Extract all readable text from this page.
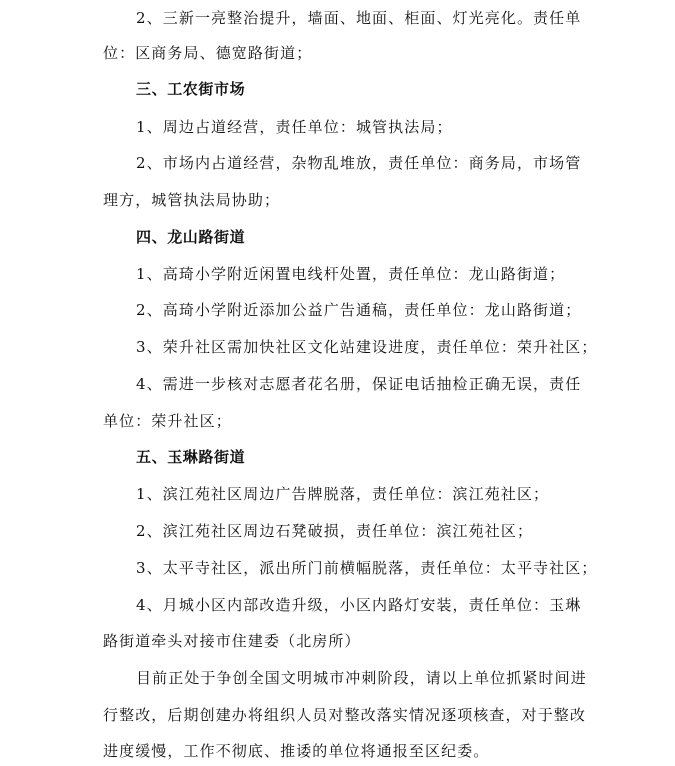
2、三新一亮整治提升，墙面、地面、柜面、灯光亮化。责任单
位：区商务局、德宽路街道；
三、工农街市场
1、周边占道经营，责任单位：城管执法局；
2、市场内占道经营，杂物乱堆放，责任单位：商务局，市场管
理方，城管执法局协助；
四、龙山路街道
1、高琦小学附近闲置电线杆处置，责任单位：龙山路街道；
2、高琦小学附近添加公益广告通稿，责任单位：龙山路街道；
3、荣升社区需加快社区文化站建设进度，责任单位：荣升社区；
4、需进一步核对志愿者花名册，保证电话抽检正确无误，责任
单位：荣升社区；
五、玉琳路街道
1、滨江苑社区周边广告牌脱落，责任单位：滨江苑社区；
2、滨江苑社区周边石凳破损，责任单位：滨江苑社区；
3、太平寺社区，派出所门前横幅脱落，责任单位：太平寺社区；
4、月城小区内部改造升级，小区内路灯安装，责任单位：玉琳
路街道牵头对接市住建委（北房所）
目前正处于争创全国文明城市冲刺阶段，请以上单位抓紧时间进
行整改，后期创建办将组织人员对整改落实情况逐项核查，对于整改
进度缓慢，工作不彻底、推诿的单位将通报至区纪委。
